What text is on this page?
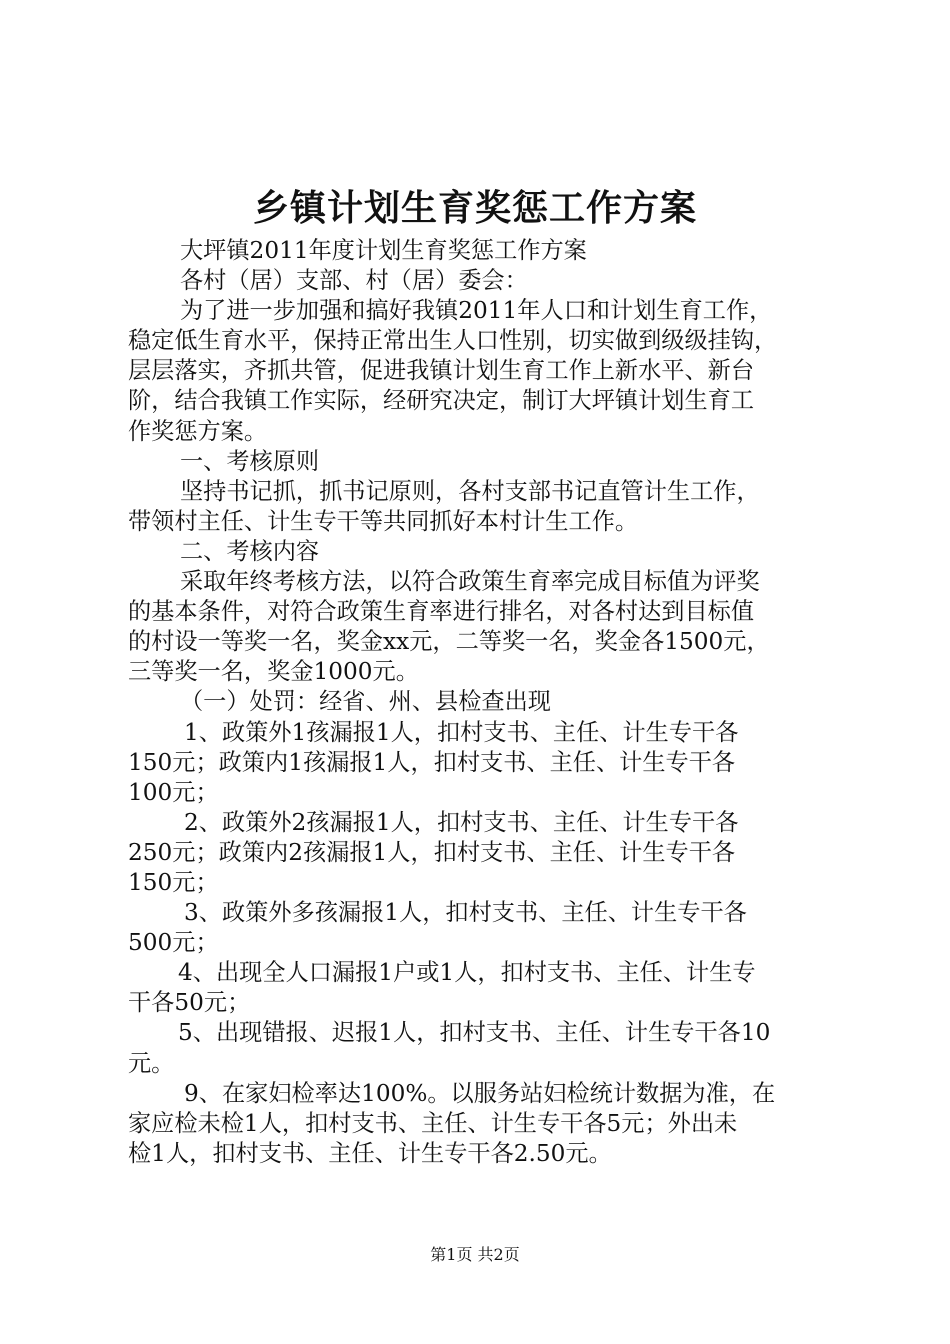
乡镇计划生育奖惩工作方案

大坪镇2011年度计划生育奖惩工作方案

各村（居）支部、村（居）委会：

为了进一步加强和搞好我镇2011年人口和计划生育工作，
稳定低生育水平，保持正常出生人口性别，切实做到级级挂钩，
层层落实，齐抓共管，促进我镇计划生育工作上新水平、新台
阶，结合我镇工作实际，经研究决定，制订大坪镇计划生育工
作奖惩方案。

一、考核原则

坚持书记抓，抓书记原则，各村支部书记直管计生工作，
带领村主任、计生专干等共同抓好本村计生工作。

二、考核内容

采取年终考核方法，以符合政策生育率完成目标值为评奖
的基本条件，对符合政策生育率进行排名，对各村达到目标值
的村设一等奖一名，奖金xx元，二等奖一名，奖金各1500元，
三等奖一名，奖金1000元。

（一）处罚：经省、州、县检查出现

1、政策外1孩漏报1人，扣村支书、主任、计生专干各
150元；政策内1孩漏报1人，扣村支书、主任、计生专干各
100元；

2、政策外2孩漏报1人，扣村支书、主任、计生专干各
250元；政策内2孩漏报1人，扣村支书、主任、计生专干各
150元；

3、政策外多孩漏报1人，扣村支书、主任、计生专干各
500元；

4、出现全人口漏报1户或1人，扣村支书、主任、计生专
干各50元；

5、出现错报、迟报1人，扣村支书、主任、计生专干各10
元。

9、在家妇检率达100%。以服务站妇检统计数据为准，在
家应检未检1人，扣村支书、主任、计生专干各5元；外出未
检1人，扣村支书、主任、计生专干各2.50元。

第1页 共2页
